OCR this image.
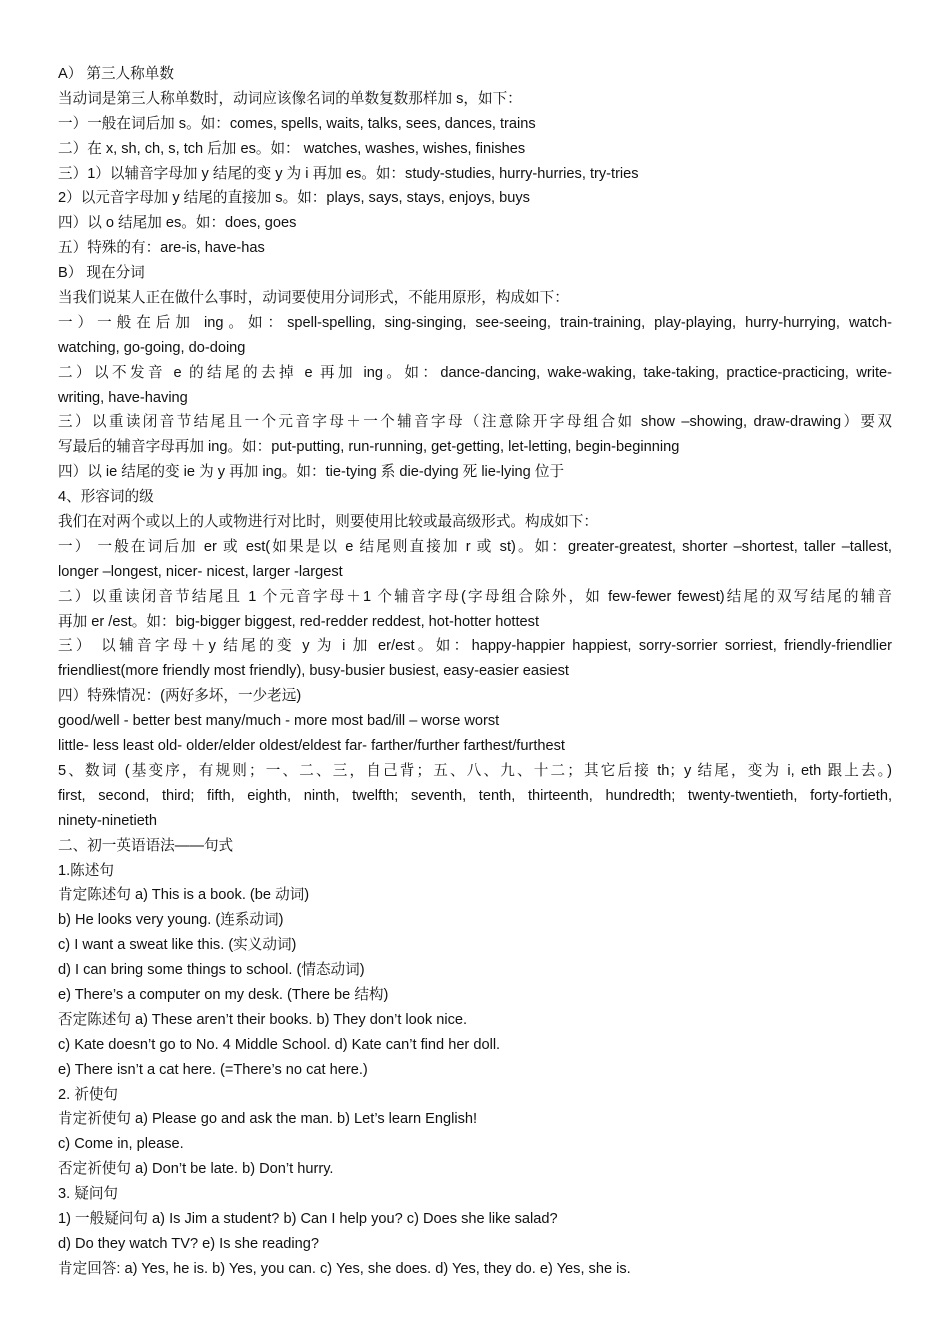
A） 第三人称单数
当动词是第三人称单数时，动词应该像名词的单数复数那样加 s，如下：
一）一般在词后加 s。如：comes, spells, waits, talks, sees, dances, trains
二）在 x, sh, ch, s, tch 后加 es。如： watches, washes, wishes, finishes
三）1）以辅音字母加 y 结尾的变 y 为 i 再加 es。如：study-studies, hurry-hurries, try-tries
2）以元音字母加 y 结尾的直接加 s。如：plays, says, stays, enjoys, buys
四）以 o 结尾加 es。如：does, goes
五）特殊的有：are-is, have-has
B） 现在分词
当我们说某人正在做什么事时，动词要使用分词形式，不能用原形，构成如下：
一）一般在后加 ing。如：spell-spelling, sing-singing, see-seeing, train-training, play-playing, hurry-hurrying, watch-
watching, go-going, do-doing
二）以不发音 e 的结尾的去掉 e 再加 ing。如：dance-dancing, wake-waking, take-taking, practice-practicing, write-
writing, have-having
三）以重读闭音节结尾且一个元音字母＋一个辅音字母（注意除开字母组合如 show –showing, draw-drawing）要双
写最后的辅音字母再加 ing。如：put-putting, run-running, get-getting, let-letting, begin-beginning
四）以 ie 结尾的变 ie 为 y 再加 ing。如：tie-tying 系 die-dying 死 lie-lying 位于
4、形容词的级
我们在对两个或以上的人或物进行对比时，则要使用比较或最高级形式。构成如下：
一） 一般在词后加 er 或 est(如果是以 e 结尾则直接加 r 或 st)。如：greater-greatest, shorter –shortest, taller –tallest,
longer –longest, nicer- nicest, larger -largest
二）以重读闭音节结尾且 1 个元音字母＋1 个辅音字母(字母组合除外，如 few-fewer fewest)结尾的双写结尾的辅音
再加 er /est。如：big-bigger biggest, red-redder reddest, hot-hotter hottest
三） 以辅音字母＋y 结尾的变 y 为 i 加 er/est。如：happy-happier happiest, sorry-sorrier sorriest, friendly-friendlier
friendliest(more friendly most friendly), busy-busier busiest, easy-easier easiest
四）特殊情况：(两好多坏，一少老远)
good/well - better best many/much - more most bad/ill – worse worst
little- less least old- older/elder oldest/eldest far- farther/further farthest/furthest
5、数词 (基变序，有规则；一、二、三，自己背；五、八、九、十二；其它后接 th；y 结尾，变为 i, eth 跟上去。)
first, second, third; fifth, eighth, ninth, twelfth; seventh, tenth, thirteenth, hundredth; twenty-twentieth, forty-fortieth,
ninety-ninetieth
二、初一英语语法——句式
1.陈述句
肯定陈述句 a) This is a book. (be 动词)
b) He looks very young. (连系动词)
c) I want a sweat like this. (实义动词)
d) I can bring some things to school. (情态动词)
e) There’s a computer on my desk. (There be 结构)
否定陈述句 a) These aren’t their books. b) They don’t look nice.
c) Kate doesn’t go to No. 4 Middle School. d) Kate can’t find her doll.
e) There isn’t a cat here. (=There’s no cat here.)
2. 祈使句
肯定祈使句 a) Please go and ask the man. b) Let’s learn English!
c) Come in, please.
否定祈使句 a) Don’t be late. b) Don’t hurry.
3. 疑问句
1) 一般疑问句 a) Is Jim a student? b) Can I help you? c) Does she like salad?
d) Do they watch TV? e) Is she reading?
肯定回答: a) Yes, he is. b) Yes, you can. c) Yes, she does. d) Yes, they do. e) Yes, she is.
